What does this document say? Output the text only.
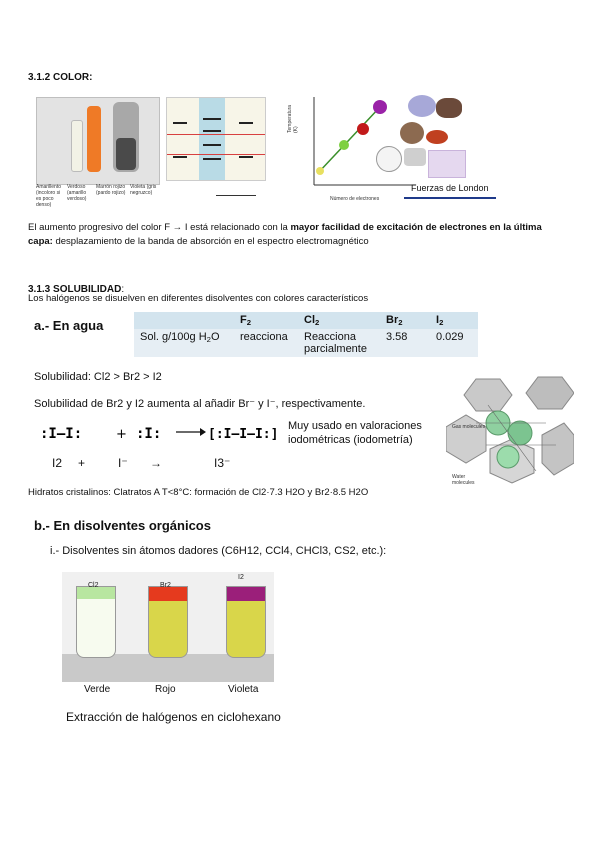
3.1.2 COLOR:
Amarillento (incoloro si es poco denso)
Verdoso (amarillo verdoso)
Marrón rojizo (pardo rojizo)
Violeta (gris negruzco)
Temperatura (K)
Número de electrones
Fuerzas de London
El aumento progresivo del color F → I está relacionado con la mayor facilidad de excitación de electrones en la última capa: desplazamiento de la banda de absorción en el espectro electromagnético
3.1.3 SOLUBILIDAD:
Los halógenos se disuelven en diferentes disolventes con colores característicos
a.- En agua
		$F_2$	$Cl_2$	$Br_2$	$I_2$
Sol. g/100g $H_2O$	reacciona	Reacciona parcialmente	3.58	0.029
Solubilidad: Cl2 > Br2 > I2
Solubilidad de Br2 y I2 aumenta al añadir Br⁻ y I⁻, respectivamente.
:I—I:	+ :I:	[:I—I—I:]
I2 +	I⁻ →	I3⁻
Muy usado en valoraciones iodométricas (iodometría)
Gas molecules
Water molecules
Hidratos cristalinos: Clatratos A T<8°C: formación de Cl2·7.3 H2O y Br2·8.5 H2O
b.- En disolventes orgánicos
i.- Disolventes sin átomos dadores (C6H12, CCl4, CHCl3, CS2, etc.):
Cl2	Br2
I2
Verde	Rojo	Violeta
Extracción de halógenos en ciclohexano
